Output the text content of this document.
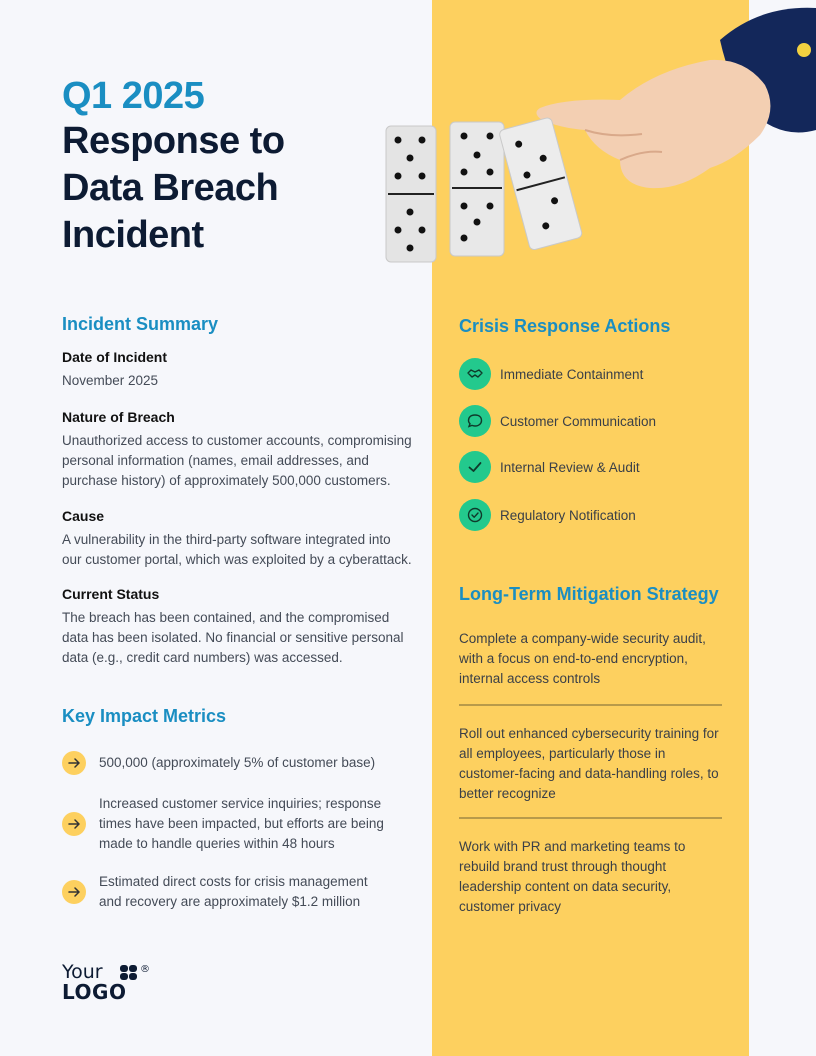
Q1 2025
Response to
Data Breach
Incident
Incident Summary
Date of Incident
November 2025
Nature of Breach
Unauthorized access to customer accounts, compromising personal information (names, email addresses, and purchase history) of approximately 500,000 customers.
Cause
A vulnerability in the third-party software integrated into our customer portal, which was exploited by a cyberattack.
Current Status
The breach has been contained, and the compromised data has been isolated. No financial or sensitive personal data (e.g., credit card numbers) was accessed.
Key Impact Metrics
500,000 (approximately 5% of customer base)
Increased customer service inquiries; response times have been impacted, but efforts are being made to handle queries within 48 hours
Estimated direct costs for crisis management and recovery are approximately $1.2 million
Your
LOGO
®
Crisis Response Actions
Immediate Containment
Customer Communication
Internal Review & Audit
Regulatory Notification
Long-Term Mitigation Strategy
Complete a company-wide security audit, with a focus on end-to-end encryption, internal access controls
Roll out enhanced cybersecurity training for all employees, particularly those in customer-facing and data-handling roles, to better recognize
Work with PR and marketing teams to rebuild brand trust through thought leadership content on data security, customer privacy
